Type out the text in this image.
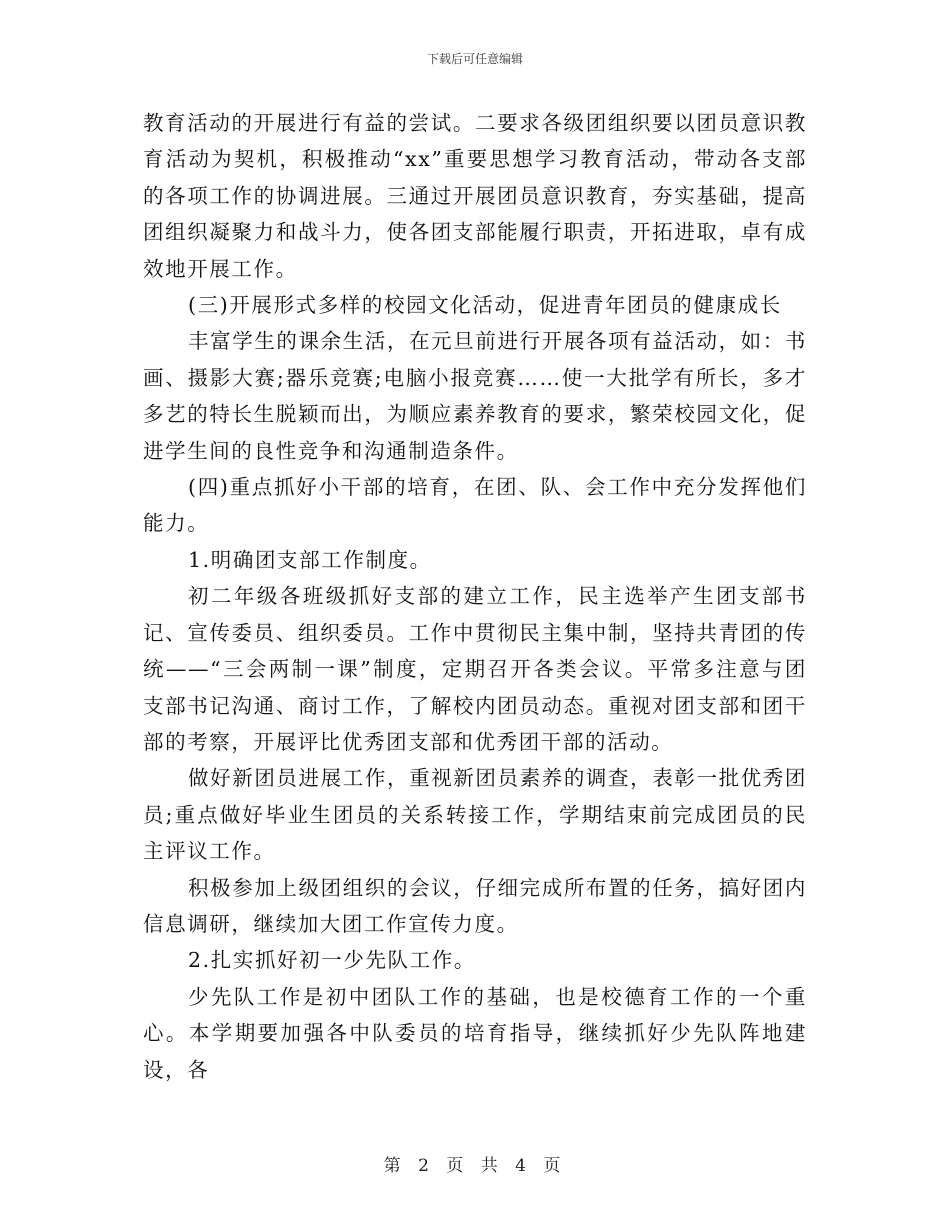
下载后可任意编辑

教育活动的开展进行有益的尝试。二要求各级团组织要以团员意识教育活动为契机，积极推动“xx”重要思想学习教育活动，带动各支部的各项工作的协调进展。三通过开展团员意识教育，夯实基础，提高团组织凝聚力和战斗力，使各团支部能履行职责，开拓进取，卓有成效地开展工作。

(三)开展形式多样的校园文化活动，促进青年团员的健康成长

丰富学生的课余生活，在元旦前进行开展各项有益活动，如：书画、摄影大赛;器乐竞赛;电脑小报竞赛……使一大批学有所长，多才多艺的特长生脱颖而出，为顺应素养教育的要求，繁荣校园文化，促进学生间的良性竞争和沟通制造条件。

(四)重点抓好小干部的培育，在团、队、会工作中充分发挥他们能力。

1.明确团支部工作制度。

初二年级各班级抓好支部的建立工作，民主选举产生团支部书记、宣传委员、组织委员。工作中贯彻民主集中制，坚持共青团的传统——“三会两制一课”制度，定期召开各类会议。平常多注意与团支部书记沟通、商讨工作，了解校内团员动态。重视对团支部和团干部的考察，开展评比优秀团支部和优秀团干部的活动。

做好新团员进展工作，重视新团员素养的调查，表彰一批优秀团员;重点做好毕业生团员的关系转接工作，学期结束前完成团员的民主评议工作。

积极参加上级团组织的会议，仔细完成所布置的任务，搞好团内信息调研，继续加大团工作宣传力度。

2.扎实抓好初一少先队工作。

少先队工作是初中团队工作的基础，也是校德育工作的一个重心。本学期要加强各中队委员的培育指导，继续抓好少先队阵地建设，各

第 2 页 共 4 页
